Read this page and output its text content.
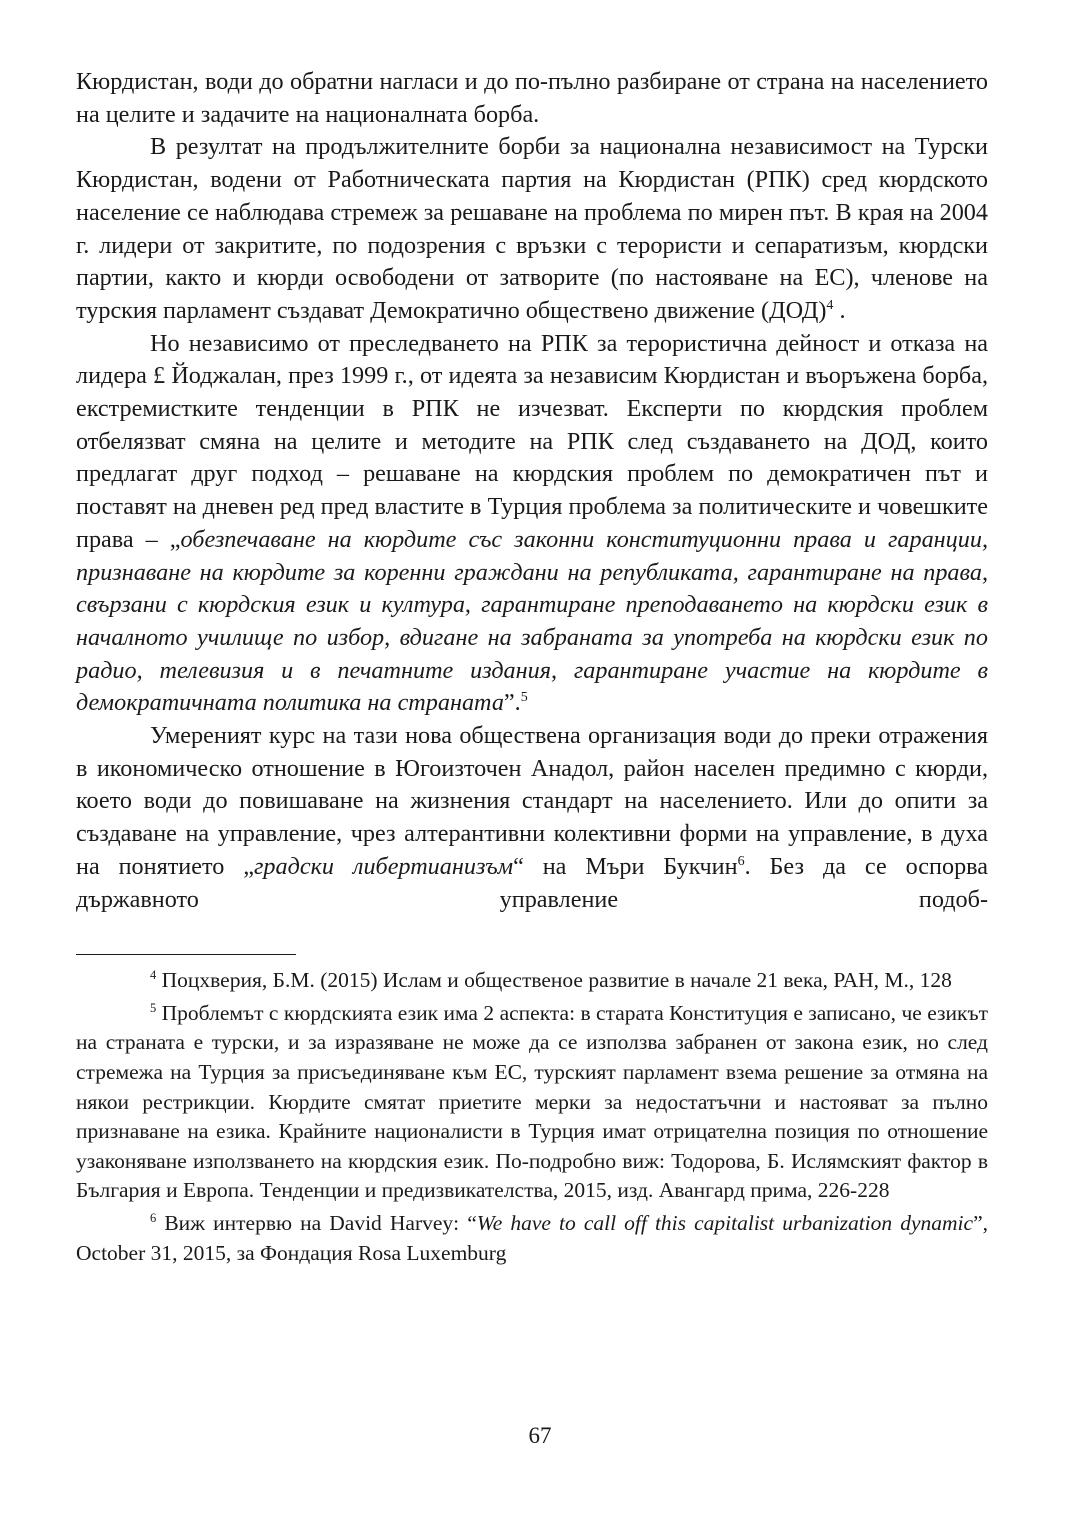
Кюрдистан, води до обратни нагласи и до по-пълно разбиране от страна на населението на целите и задачите на националната борба.

В резултат на продължителните борби за национална независимост на Турски Кюрдистан, водени от Работническата партия на Кюрдистан (РПК) сред кюрдското население се наблюдава стремеж за решаване на проблема по мирен път. В края на 2004 г. лидери от закритите, по подозрения с връзки с терористи и сепаратизъм, кюрдски партии, както и кюрди освободени от затворите (по настояване на ЕС), членове на турския парламент създават Демократично обществено движение (ДОД)$^4$ .

Но независимо от преследването на РПК за терористична дейност и отказа на лидера £ Йоджалан, през 1999 г., от идеята за независим Кюрдистан и въоръжена борба, екстремистките тенденции в РПК не изчезват. Експерти по кюрдския проблем отбелязват смяна на целите и методите на РПК след създаването на ДОД, които предлагат друг подход – решаване на кюрдския проблем по демократичен път и поставят на дневен ред пред властите в Турция проблема за политическите и човешките права – „обезпечаване на кюрдите със законни конституционни права и гаранции, признаване на кюрдите за коренни граждани на републиката, гарантиране на права, свързани с кюрдския език и култура, гарантиране преподаването на кюрдски език в началното училище по избор, вдигане на забраната за употреба на кюрдски език по радио, телевизия и в печатните издания, гарантиране участие на кюрдите в демократичната политика на страната”.$^5$

Умереният курс на тази нова обществена организация води до преки отражения в икономическо отношение в Югоизточен Анадол, район населен предимно с кюрди, което води до повишаване на жизнения стандарт на населението. Или до опити за създаване на управление, чрез алтерантивни колективни форми на управление, в духа на понятието „градски либертианизъм“ на Мъри Букчин$^6$. Без да се оспорва държавното управление подоб-

$^4$ Поцхверия, Б.М. (2015) Ислам и общественое развитие в начале 21 века, РАН, М., 128

$^5$ Проблемът с кюрдскията език има 2 аспекта: в старата Конституция е записано, че езикът на страната е турски, и за изразяване не може да се използва забранен от закона език, но след стремежа на Турция за присъединяване към ЕС, турският парламент взема решение за отмяна на някои рестрикции. Кюрдите смятат приетите мерки за недостатъчни и настояват за пълно признаване на езика. Крайните националисти в Турция имат отрицателна позиция по отношение узаконяване използването на кюрдския език. По-подробно виж: Тодорова, Б. Ислямският фактор в България и Европа. Тенденции и предизвикателства, 2015, изд. Авангард прима, 226-228

$^6$ Виж интервю на David Harvey: “We have to call off this capitalist urbanization dynamic”, October 31, 2015, за Фондация Rosa Luxemburg

67
